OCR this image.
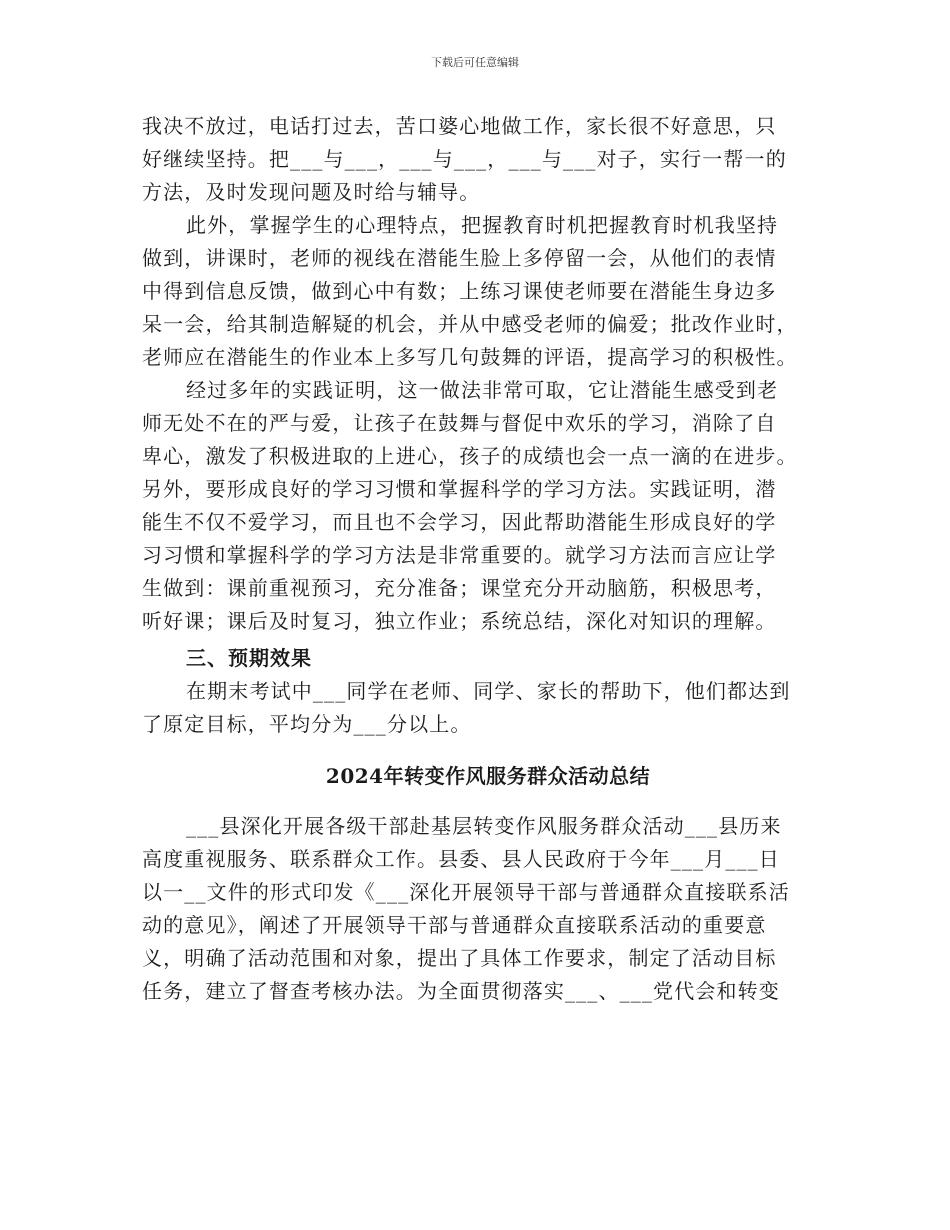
下载后可任意编辑
我决不放过，电话打过去，苦口婆心地做工作，家长很不好意思，只
好继续坚持。把___与___，___与___，___与___对子，实行一帮一的
方法，及时发现问题及时给与辅导。
此外，掌握学生的心理特点，把握教育时机把握教育时机我坚持
做到，讲课时，老师的视线在潜能生脸上多停留一会，从他们的表情
中得到信息反馈，做到心中有数；上练习课使老师要在潜能生身边多
呆一会，给其制造解疑的机会，并从中感受老师的偏爱；批改作业时，
老师应在潜能生的作业本上多写几句鼓舞的评语，提高学习的积极性。
经过多年的实践证明，这一做法非常可取，它让潜能生感受到老
师无处不在的严与爱，让孩子在鼓舞与督促中欢乐的学习，消除了自
卑心，激发了积极进取的上进心，孩子的成绩也会一点一滴的在进步。
另外，要形成良好的学习习惯和掌握科学的学习方法。实践证明，潜
能生不仅不爱学习，而且也不会学习，因此帮助潜能生形成良好的学
习习惯和掌握科学的学习方法是非常重要的。就学习方法而言应让学
生做到：课前重视预习，充分准备；课堂充分开动脑筋，积极思考，
听好课；课后及时复习，独立作业；系统总结，深化对知识的理解。
三、预期效果
在期末考试中___同学在老师、同学、家长的帮助下，他们都达到
了原定目标，平均分为___分以上。
2024年转变作风服务群众活动总结
___县深化开展各级干部赴基层转变作风服务群众活动___县历来
高度重视服务、联系群众工作。县委、县人民政府于今年___月___日
以一__文件的形式印发《___深化开展领导干部与普通群众直接联系活
动的意见》，阐述了开展领导干部与普通群众直接联系活动的重要意
义，明确了活动范围和对象，提出了具体工作要求，制定了活动目标
任务，建立了督查考核办法。为全面贯彻落实___、___党代会和转变
